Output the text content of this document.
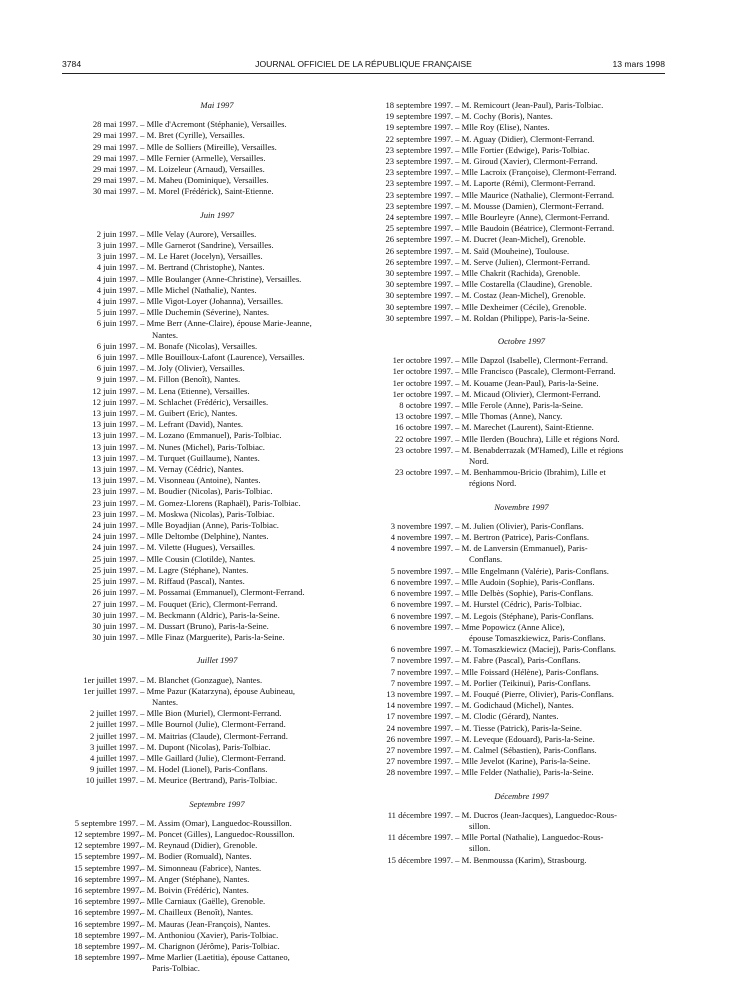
3784	JOURNAL OFFICIEL DE LA RÉPUBLIQUE FRANÇAISE	13 mars 1998
Mai 1997
28 mai 1997. – Mlle d'Acremont (Stéphanie), Versailles.
29 mai 1997. – M. Bret (Cyrille), Versailles.
29 mai 1997. – Mlle de Solliers (Mireille), Versailles.
29 mai 1997. – Mlle Fernier (Armelle), Versailles.
29 mai 1997. – M. Loizeleur (Arnaud), Versailles.
29 mai 1997. – M. Maheu (Dominique), Versailles.
30 mai 1997. – M. Morel (Frédérick), Saint-Etienne.
Juin 1997
2 juin 1997. – Mlle Velay (Aurore), Versailles.
3 juin 1997. – Mlle Garnerot (Sandrine), Versailles.
3 juin 1997. – M. Le Haret (Jocelyn), Versailles.
4 juin 1997. – M. Bertrand (Christophe), Nantes.
4 juin 1997. – Mlle Boulanger (Anne-Christine), Versailles.
4 juin 1997. – Mlle Michel (Nathalie), Nantes.
4 juin 1997. – Mlle Vigot-Loyer (Johanna), Versailles.
5 juin 1997. – Mlle Duchemin (Séverine), Nantes.
6 juin 1997. – Mme Berr (Anne-Claire), épouse Marie-Jeanne,
Nantes.
6 juin 1997. – M. Bonafe (Nicolas), Versailles.
6 juin 1997. – Mlle Bouilloux-Lafont (Laurence), Versailles.
6 juin 1997. – M. Joly (Olivier), Versailles.
9 juin 1997. – M. Fillon (Benoît), Nantes.
12 juin 1997. – M. Lena (Etienne), Versailles.
12 juin 1997. – M. Schlachet (Frédéric), Versailles.
13 juin 1997. – M. Guibert (Eric), Nantes.
13 juin 1997. – M. Lefrant (David), Nantes.
13 juin 1997. – M. Lozano (Emmanuel), Paris-Tolbiac.
13 juin 1997. – M. Nunes (Michel), Paris-Tolbiac.
13 juin 1997. – M. Turquet (Guillaume), Nantes.
13 juin 1997. – M. Vernay (Cédric), Nantes.
13 juin 1997. – M. Visonneau (Antoine), Nantes.
23 juin 1997. – M. Boudier (Nicolas), Paris-Tolbiac.
23 juin 1997. – M. Gomez-Llorens (Raphaël), Paris-Tolbiac.
23 juin 1997. – M. Moskwa (Nicolas), Paris-Tolbiac.
24 juin 1997. – Mlle Boyadjian (Anne), Paris-Tolbiac.
24 juin 1997. – Mlle Deltombe (Delphine), Nantes.
24 juin 1997. – M. Vilette (Hugues), Versailles.
25 juin 1997. – Mlle Cousin (Clotilde), Nantes.
25 juin 1997. – M. Lagre (Stéphane), Nantes.
25 juin 1997. – M. Riffaud (Pascal), Nantes.
26 juin 1997. – M. Possamai (Emmanuel), Clermont-Ferrand.
27 juin 1997. – M. Fouquet (Eric), Clermont-Ferrand.
30 juin 1997. – M. Beckmann (Aldric), Paris-la-Seine.
30 juin 1997. – M. Dussart (Bruno), Paris-la-Seine.
30 juin 1997. – Mlle Finaz (Marguerite), Paris-la-Seine.
Juillet 1997
1er juillet 1997. – M. Blanchet (Gonzague), Nantes.
1er juillet 1997. – Mme Pazur (Katarzyna), épouse Aubineau,
Nantes.
2 juillet 1997. – Mlle Bion (Muriel), Clermont-Ferrand.
2 juillet 1997. – Mlle Bournol (Julie), Clermont-Ferrand.
2 juillet 1997. – M. Maitrias (Claude), Clermont-Ferrand.
3 juillet 1997. – M. Dupont (Nicolas), Paris-Tolbiac.
4 juillet 1997. – Mlle Gaillard (Julie), Clermont-Ferrand.
9 juillet 1997. – M. Hodel (Lionel), Paris-Conflans.
10 juillet 1997. – M. Meurice (Bertrand), Paris-Tolbiac.
Septembre 1997
5 septembre 1997. – M. Assim (Omar), Languedoc-Roussillon.
12 septembre 1997. – M. Poncet (Gilles), Languedoc-Roussillon.
12 septembre 1997. – M. Reynaud (Didier), Grenoble.
15 septembre 1997. – M. Bodier (Romuald), Nantes.
15 septembre 1997. – M. Simonneau (Fabrice), Nantes.
16 septembre 1997. – M. Anger (Stéphane), Nantes.
16 septembre 1997. – M. Boivin (Frédéric), Nantes.
16 septembre 1997. – Mlle Carniaux (Gaëlle), Grenoble.
16 septembre 1997. – M. Chailleux (Benoît), Nantes.
16 septembre 1997. – M. Mauras (Jean-François), Nantes.
18 septembre 1997. – M. Anthoniou (Xavier), Paris-Tolbiac.
18 septembre 1997. – M. Charignon (Jérôme), Paris-Tolbiac.
18 septembre 1997. – Mme Marlier (Laetitia), épouse Cattaneo,
Paris-Tolbiac.
18 septembre 1997. – M. Remicourt (Jean-Paul), Paris-Tolbiac.
19 septembre 1997. – M. Cochy (Boris), Nantes.
19 septembre 1997. – Mlle Roy (Elise), Nantes.
22 septembre 1997. – M. Aguay (Didier), Clermont-Ferrand.
23 septembre 1997. – Mlle Fortier (Edwige), Paris-Tolbiac.
23 septembre 1997. – M. Giroud (Xavier), Clermont-Ferrand.
23 septembre 1997. – Mlle Lacroix (Françoise), Clermont-Ferrand.
23 septembre 1997. – M. Laporte (Rémi), Clermont-Ferrand.
23 septembre 1997. – Mlle Maurice (Nathalie), Clermont-Ferrand.
23 septembre 1997. – M. Mousse (Damien), Clermont-Ferrand.
24 septembre 1997. – Mlle Bourleyre (Anne), Clermont-Ferrand.
25 septembre 1997. – Mlle Baudoin (Béatrice), Clermont-Ferrand.
26 septembre 1997. – M. Ducret (Jean-Michel), Grenoble.
26 septembre 1997. – M. Saïd (Mouheine), Toulouse.
26 septembre 1997. – M. Serve (Julien), Clermont-Ferrand.
30 septembre 1997. – Mlle Chakrit (Rachida), Grenoble.
30 septembre 1997. – Mlle Costarella (Claudine), Grenoble.
30 septembre 1997. – M. Costaz (Jean-Michel), Grenoble.
30 septembre 1997. – Mlle Dexheimer (Cécile), Grenoble.
30 septembre 1997. – M. Roldan (Philippe), Paris-la-Seine.
Octobre 1997
1er octobre 1997. – Mlle Dapzol (Isabelle), Clermont-Ferrand.
1er octobre 1997. – Mlle Francisco (Pascale), Clermont-Ferrand.
1er octobre 1997. – M. Kouame (Jean-Paul), Paris-la-Seine.
1er octobre 1997. – M. Micaud (Olivier), Clermont-Ferrand.
8 octobre 1997. – Mlle Ferole (Anne), Paris-la-Seine.
13 octobre 1997. – Mlle Thomas (Anne), Nancy.
16 octobre 1997. – M. Marechet (Laurent), Saint-Etienne.
22 octobre 1997. – Mlle Ilerden (Bouchra), Lille et régions Nord.
23 octobre 1997. – M. Benabderrazak (M'Hamed), Lille et régions
Nord.
23 octobre 1997. – M. Benhammou-Bricio (Ibrahim), Lille et
régions Nord.
Novembre 1997
3 novembre 1997. – M. Julien (Olivier), Paris-Conflans.
4 novembre 1997. – M. Bertron (Patrice), Paris-Conflans.
4 novembre 1997. – M. de Lanversin (Emmanuel), Paris-
Conflans.
5 novembre 1997. – Mlle Engelmann (Valérie), Paris-Conflans.
6 novembre 1997. – Mlle Audoin (Sophie), Paris-Conflans.
6 novembre 1997. – Mlle Delbès (Sophie), Paris-Conflans.
6 novembre 1997. – M. Hurstel (Cédric), Paris-Tolbiac.
6 novembre 1997. – M. Legois (Stéphane), Paris-Conflans.
6 novembre 1997. – Mme Popowicz (Anne Alice),
épouse Tomaszkiewicz, Paris-Conflans.
6 novembre 1997. – M. Tomaszkiewicz (Maciej), Paris-Conflans.
7 novembre 1997. – M. Fabre (Pascal), Paris-Conflans.
7 novembre 1997. – Mlle Foissard (Hélène), Paris-Conflans.
7 novembre 1997. – M. Porlier (Teikinui), Paris-Conflans.
13 novembre 1997. – M. Fouqué (Pierre, Olivier), Paris-Conflans.
14 novembre 1997. – M. Godichaud (Michel), Nantes.
17 novembre 1997. – M. Clodic (Gérard), Nantes.
24 novembre 1997. – M. Tiesse (Patrick), Paris-la-Seine.
26 novembre 1997. – M. Leveque (Edouard), Paris-la-Seine.
27 novembre 1997. – M. Calmel (Sébastien), Paris-Conflans.
27 novembre 1997. – Mlle Jevelot (Karine), Paris-la-Seine.
28 novembre 1997. – Mlle Felder (Nathalie), Paris-la-Seine.
Décembre 1997
11 décembre 1997. – M. Ducros (Jean-Jacques), Languedoc-Rous-
sillon.
11 décembre 1997. – Mlle Portal (Nathalie), Languedoc-Rous-
sillon.
15 décembre 1997. – M. Benmoussa (Karim), Strasbourg.
